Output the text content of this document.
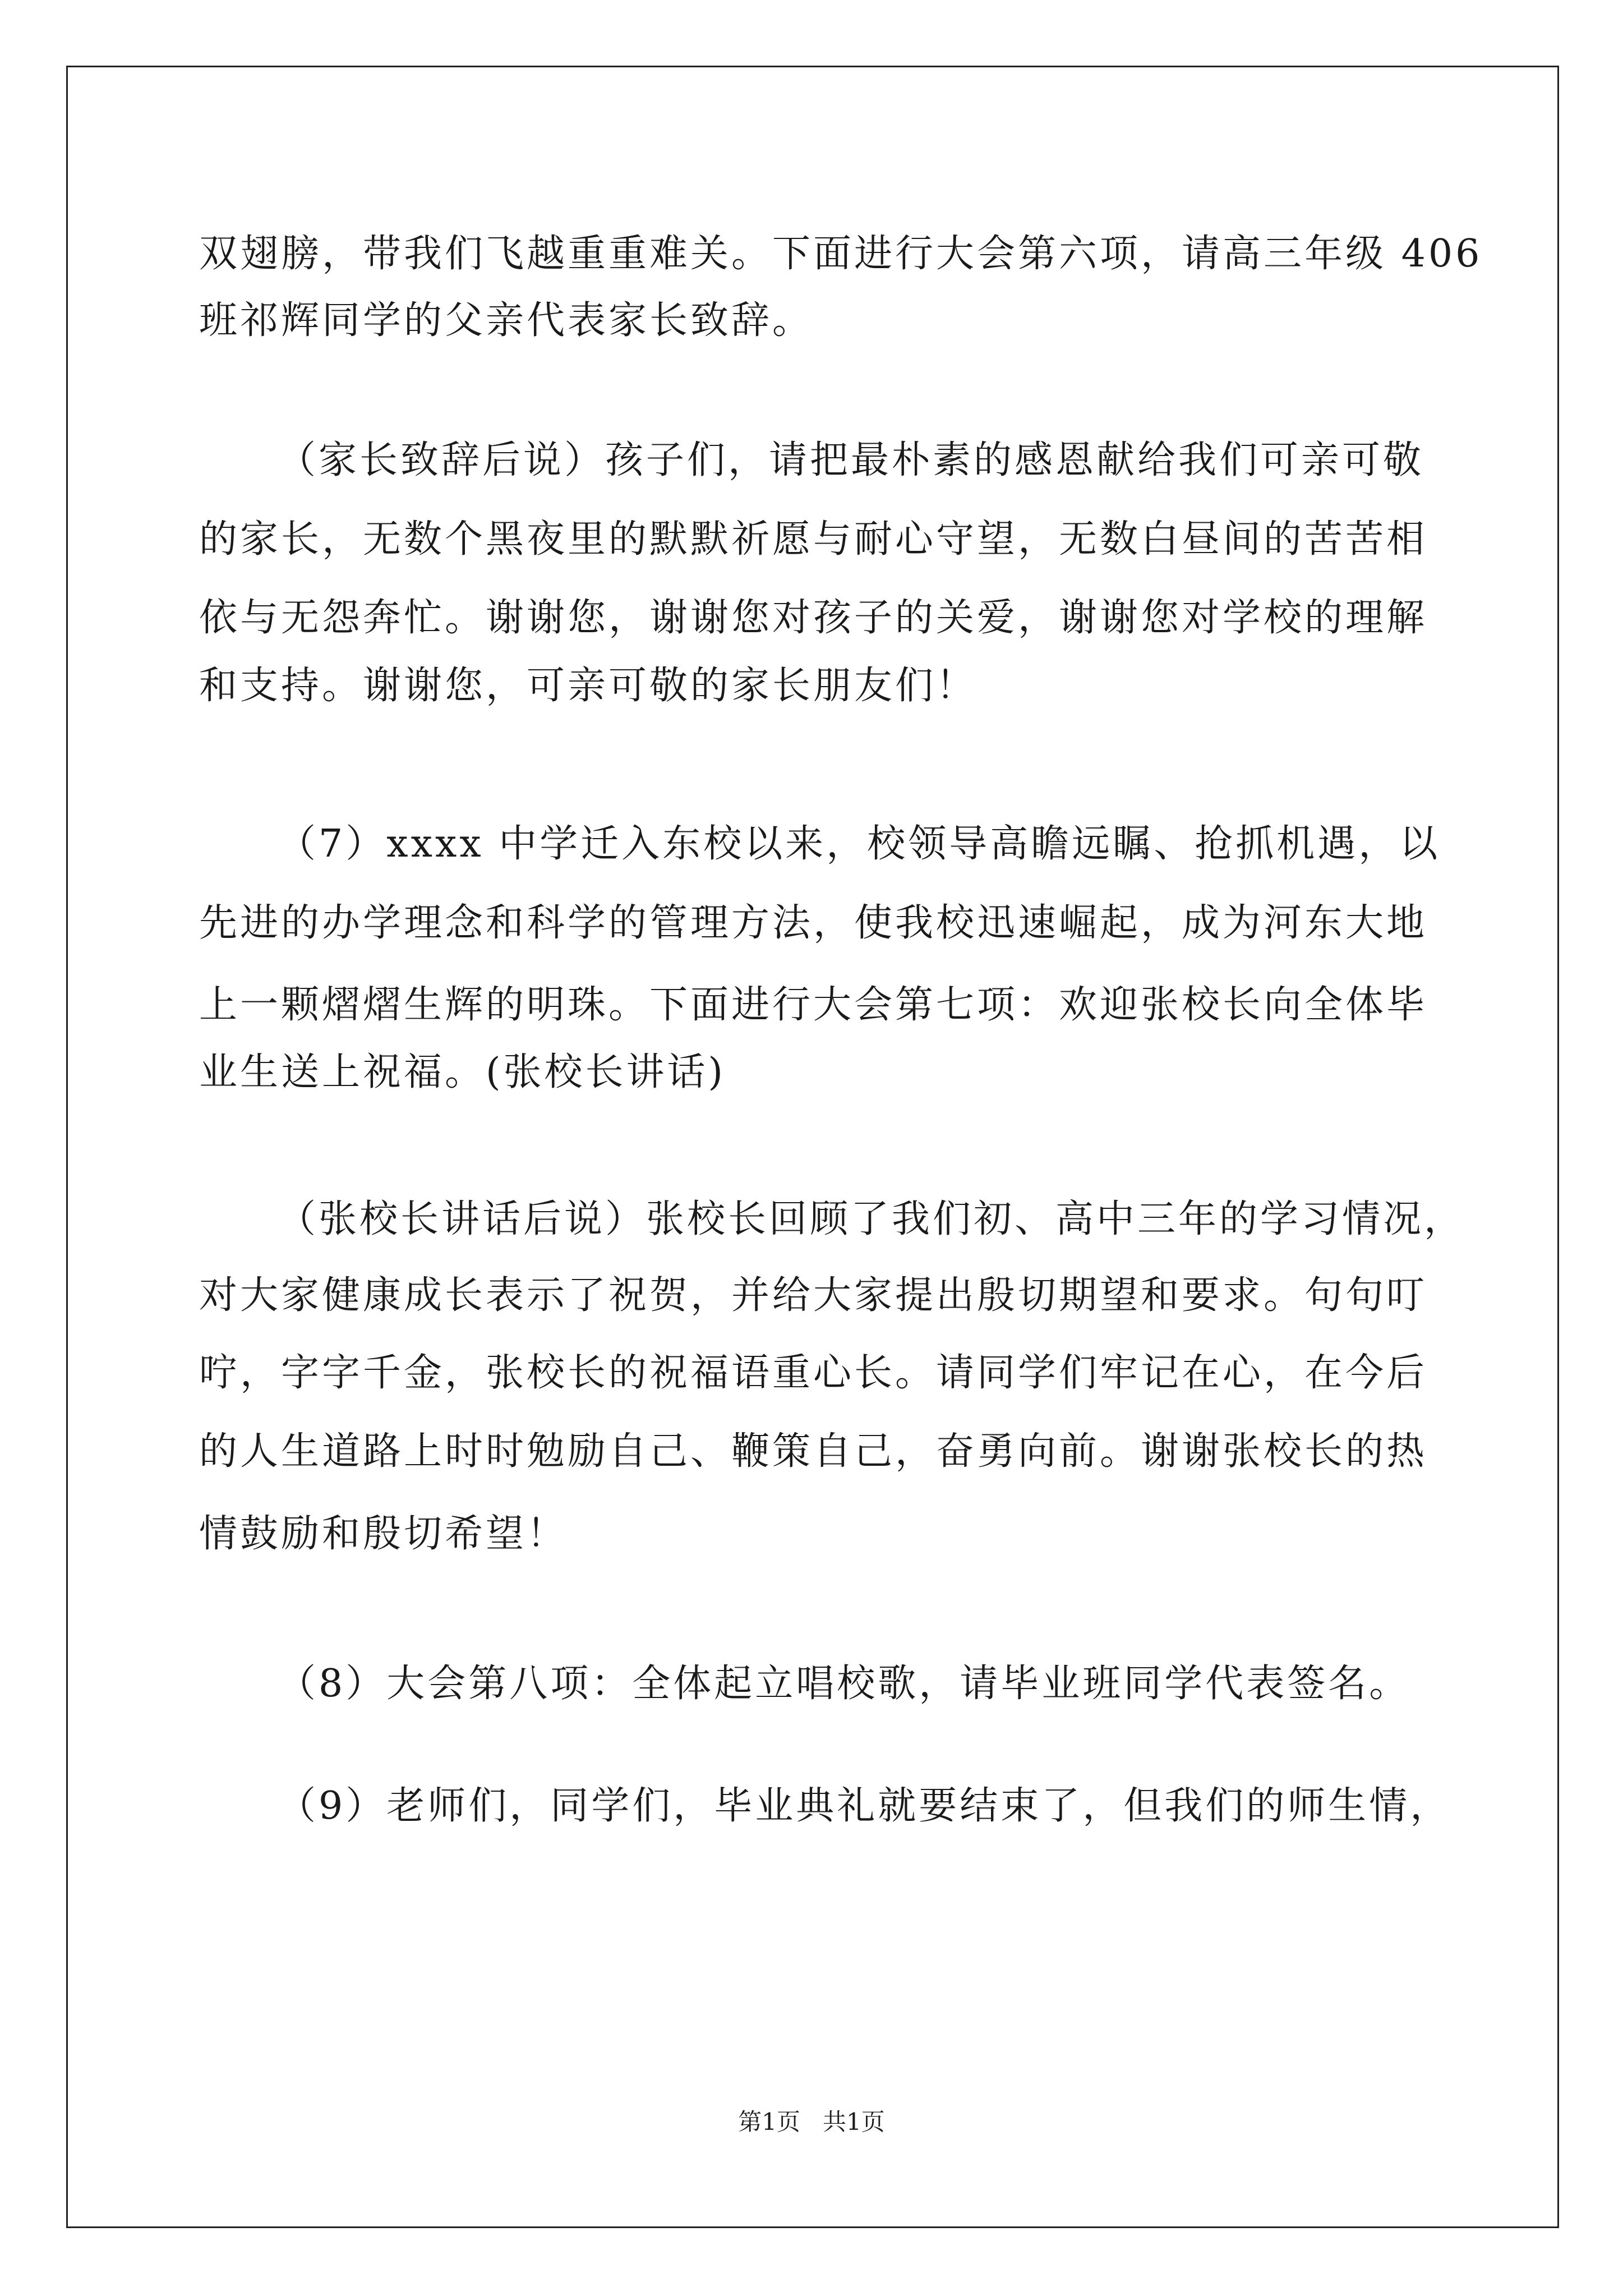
双翅膀，带我们飞越重重难关。下面进行大会第六项，请高三年级 406
班祁辉同学的父亲代表家长致辞。
（家长致辞后说）孩子们，请把最朴素的感恩献给我们可亲可敬
的家长，无数个黑夜里的默默祈愿与耐心守望，无数白昼间的苦苦相
依与无怨奔忙。谢谢您，谢谢您对孩子的关爱，谢谢您对学校的理解
和支持。谢谢您，可亲可敬的家长朋友们！
（7）xxxx 中学迁入东校以来，校领导高瞻远瞩、抢抓机遇，以
先进的办学理念和科学的管理方法，使我校迅速崛起，成为河东大地
上一颗熠熠生辉的明珠。下面进行大会第七项：欢迎张校长向全体毕
业生送上祝福。(张校长讲话)
（张校长讲话后说）张校长回顾了我们初、高中三年的学习情况，
对大家健康成长表示了祝贺，并给大家提出殷切期望和要求。句句叮
咛，字字千金，张校长的祝福语重心长。请同学们牢记在心，在今后
的人生道路上时时勉励自己、鞭策自己，奋勇向前。谢谢张校长的热
情鼓励和殷切希望！
（8）大会第八项：全体起立唱校歌，请毕业班同学代表签名。
（9）老师们，同学们，毕业典礼就要结束了，但我们的师生情，
第1页   共1页
